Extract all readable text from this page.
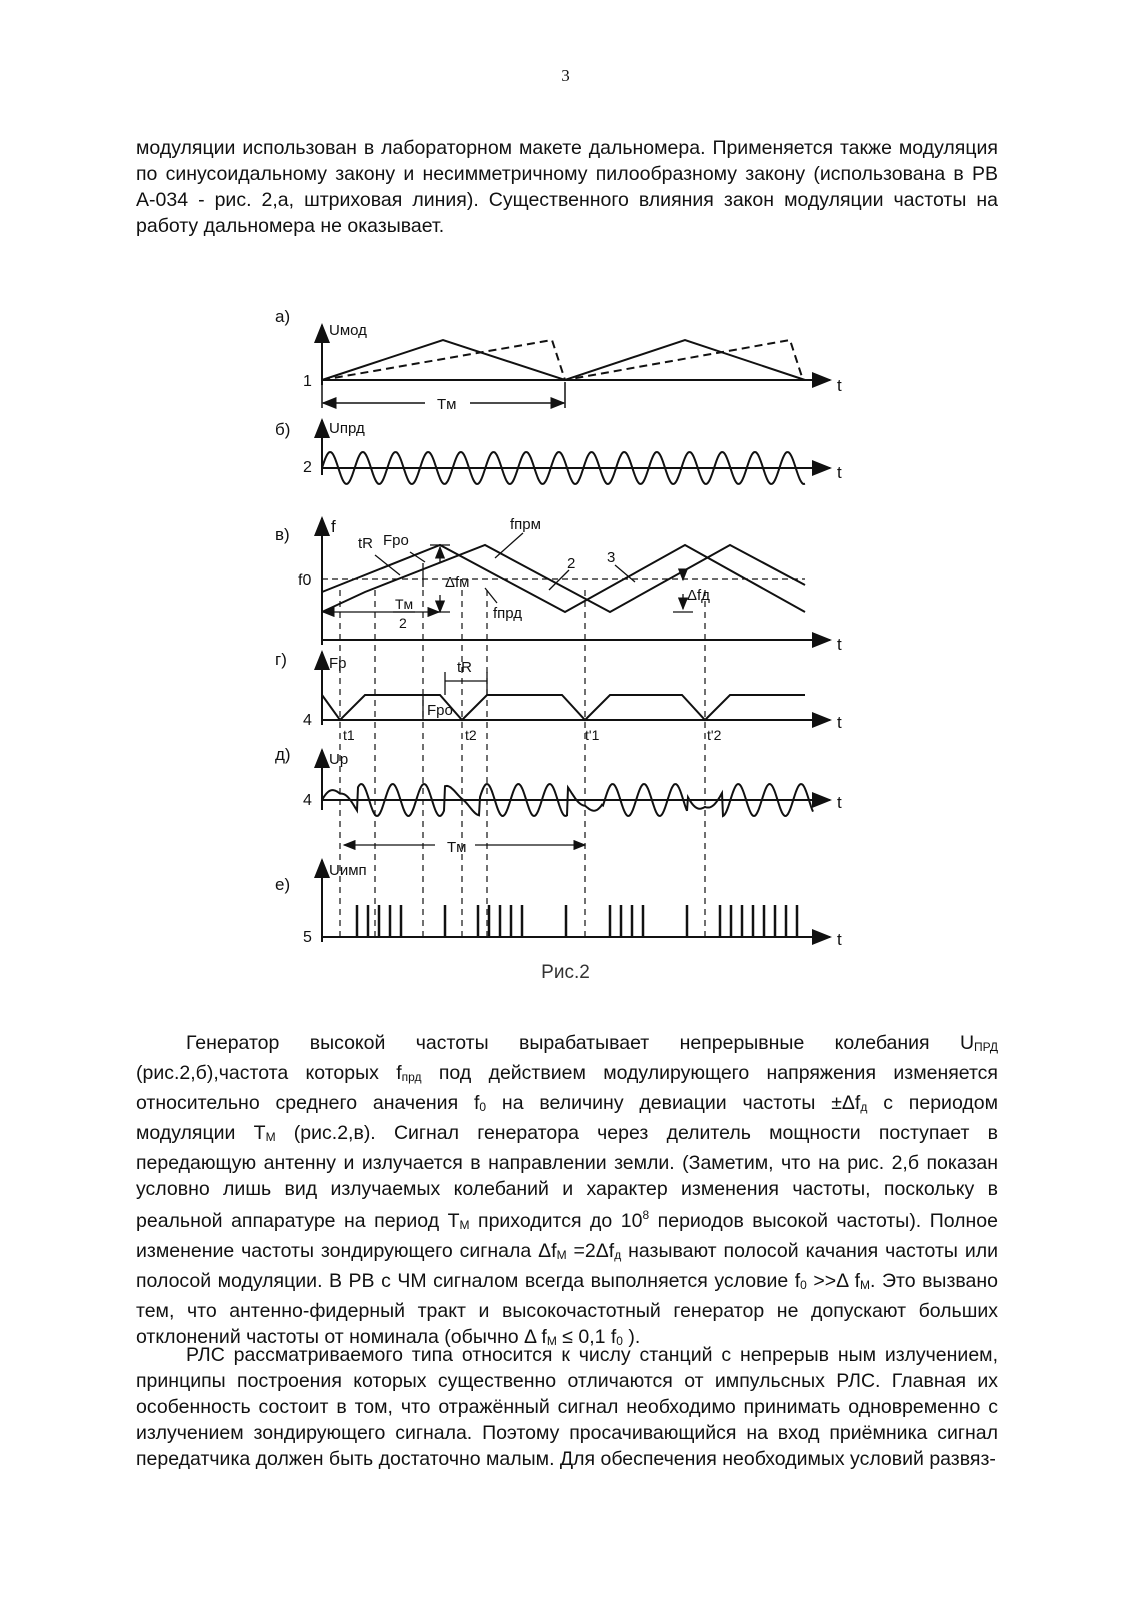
3

модуляции использован в лабораторном макете дальномера. Применяется также модуляция по синусоидальному закону и несимметричному пилообразному закону (использована в РВ А-034 - рис. 2,а, штриховая линия). Существенного влияния закон модуляции частоты на работу дальномера не оказывает.

а)
Uмод
1	t
Tм
б)	Uпрд
2	t
в) f
f0
t
tR Fро
Δfм
fпрм
fпрд
2 3
Δfд
Tм
2
г)	Fр
4	t
Fро
tR
t1	t2	t'1	t'2
д)	Uр
4	t
Tм
е)
Uимп
5	t
Рис.2

Генератор высокой частоты вырабатывает непрерывные колебания UПРД (рис.2,б),частота которых fпрд под действием модулирующего напряжения изменяется относительно среднего аначения f0 на величину девиации частоты ±Δfд с периодом модуляции TМ (рис.2,в). Сигнал генератора через делитель мощности поступает в передающую антенну и излучается в направлении земли. (Заметим, что на рис. 2,б показан условно лишь вид излучаемых колебаний и характер изменения частоты, поскольку в реальной аппаратуре на период TМ приходится до $10^8$ периодов высокой частоты). Полное изменение частоты зондирующего сигнала ΔfМ =2Δfд называют полосой качания частоты или полосой модуляции. В РВ с ЧМ сигналом всегда выполняется условие f0 >>Δ fМ. Это вызвано тем, что антенно-фидерный тракт и высокочастотный генератор не допускают больших отклонений частоты от номинала (обычно Δ fМ ≤ 0,1 f0 ).

РЛС рассматриваемого типа относится к числу станций с непрерыв ным излучением, принципы построения которых существенно отличаются от импульсных РЛС. Главная их особенность состоит в том, что отражённый сигнал необходимо принимать одновременно с излучением зондирующего сигнала. Поэтому просачивающийся на вход приёмника сигнал передатчика должен быть достаточно малым. Для обеспечения необходимых условий развяз-
